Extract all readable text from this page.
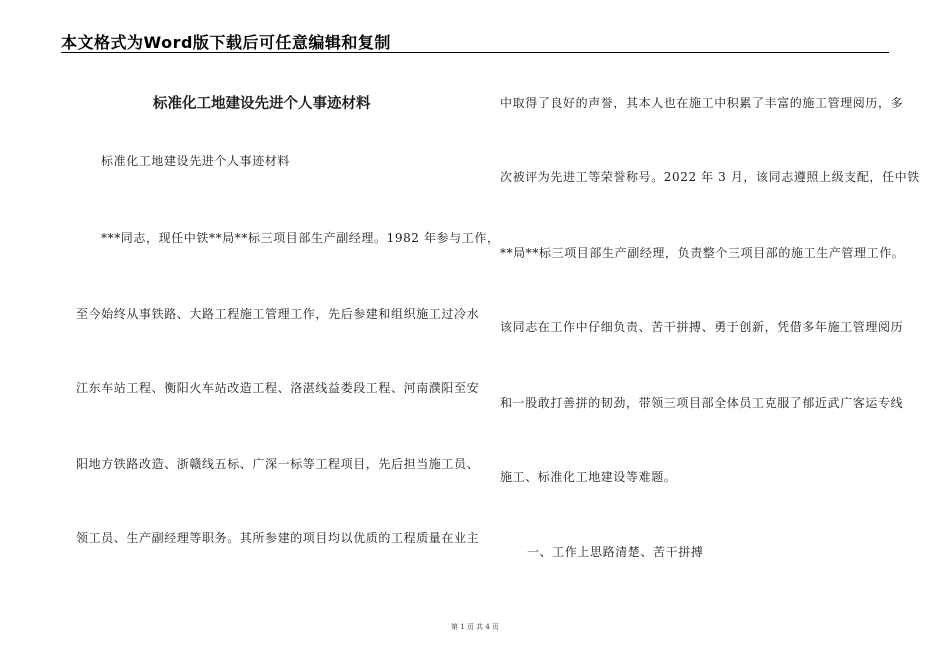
本文格式为Word版下载后可任意编辑和复制
标准化工地建设先进个人事迹材料
标准化工地建设先进个人事迹材料
***同志，现任中铁**局**标三项目部生产副经理。1982 年参与工作，
至今始终从事铁路、大路工程施工管理工作，先后参建和组织施工过冷水
江东车站工程、衡阳火车站改造工程、洛湛线益娄段工程、河南濮阳至安
阳地方铁路改造、浙赣线五标、广深一标等工程项目，先后担当施工员、
领工员、生产副经理等职务。其所参建的项目均以优质的工程质量在业主
中取得了良好的声誉，其本人也在施工中积累了丰富的施工管理阅历，多
次被评为先进工等荣誉称号。2022 年 3 月，该同志遵照上级支配，任中铁
**局**标三项目部生产副经理，负责整个三项目部的施工生产管理工作。
该同志在工作中仔细负责、苦干拼搏、勇于创新，凭借多年施工管理阅历
和一股敢打善拼的韧劲，带领三项目部全体员工克服了郁近武广客运专线
施工、标准化工地建设等难题。
一、工作上思路清楚、苦干拼搏
第 1 页 共 4 页
